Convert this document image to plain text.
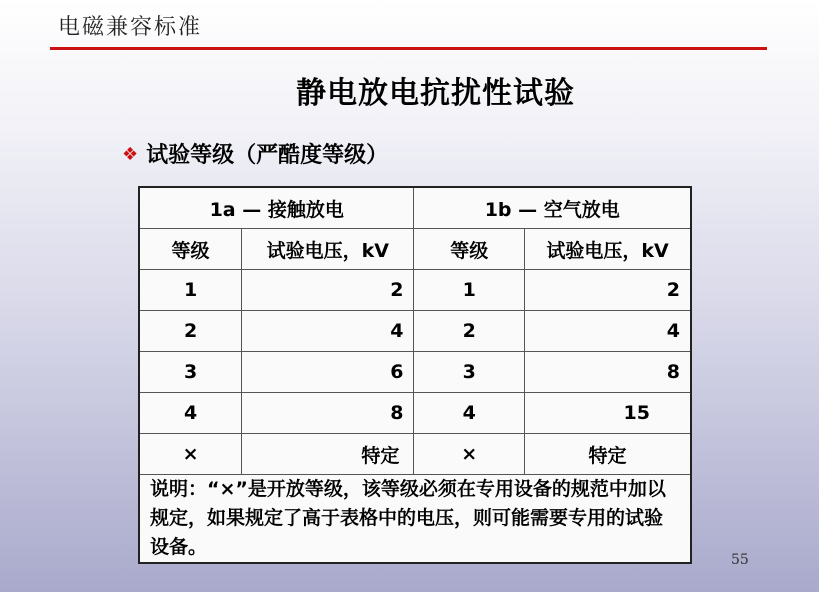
电磁兼容标准
静电放电抗扰性试验
❖ 试验等级（严酷度等级）
1a — 接触放电		1b — 空气放电	
等级	试验电压，kV	等级	试验电压，kV
1	2	1	2
2	4	2	4
3	6	3	8
4	8	4	15
×	特定	×	特定
说明：“×”是开放等级，该等级必须在专用设备的规范中加以规定，如果规定了高于表格中的电压，则可能需要专用的试验设备。			
55
